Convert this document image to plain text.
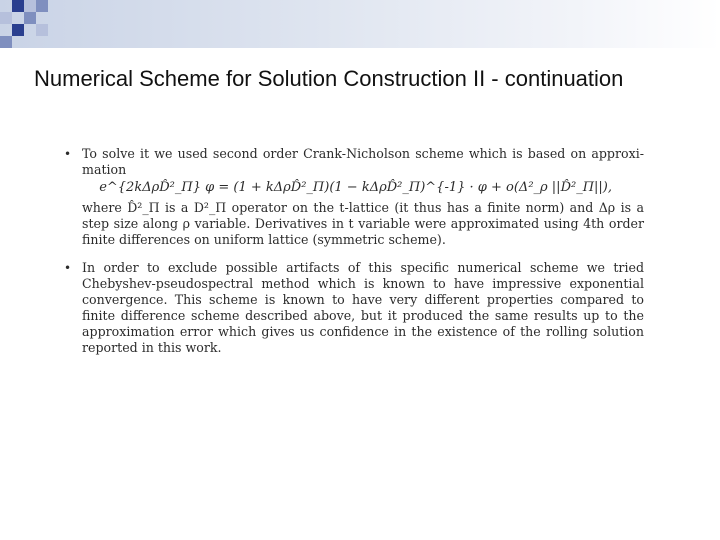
Numerical Scheme for Solution Construction II - continuation
• To solve it we used second order Crank-Nicholson scheme which is based on approxi-mation
e^{2kΔρD̂²_Π} φ = (1 + kΔρD̂²_Π)(1 − kΔρD̂²_Π)^{-1} · φ + o(Δ²_ρ ||D̂²_Π||),
where D̂²_Π is a D²_Π operator on the t-lattice (it thus has a finite norm) and Δρ is a step size along ρ variable. Derivatives in t variable were approximated using 4th order finite differences on uniform lattice (symmetric scheme).
• In order to exclude possible artifacts of this specific numerical scheme we tried Chebyshev-pseudospectral method which is known to have impressive exponential convergence. This scheme is known to have very different properties compared to finite difference scheme described above, but it produced the same results up to the approximation error which gives us confidence in the existence of the rolling solution reported in this work.
